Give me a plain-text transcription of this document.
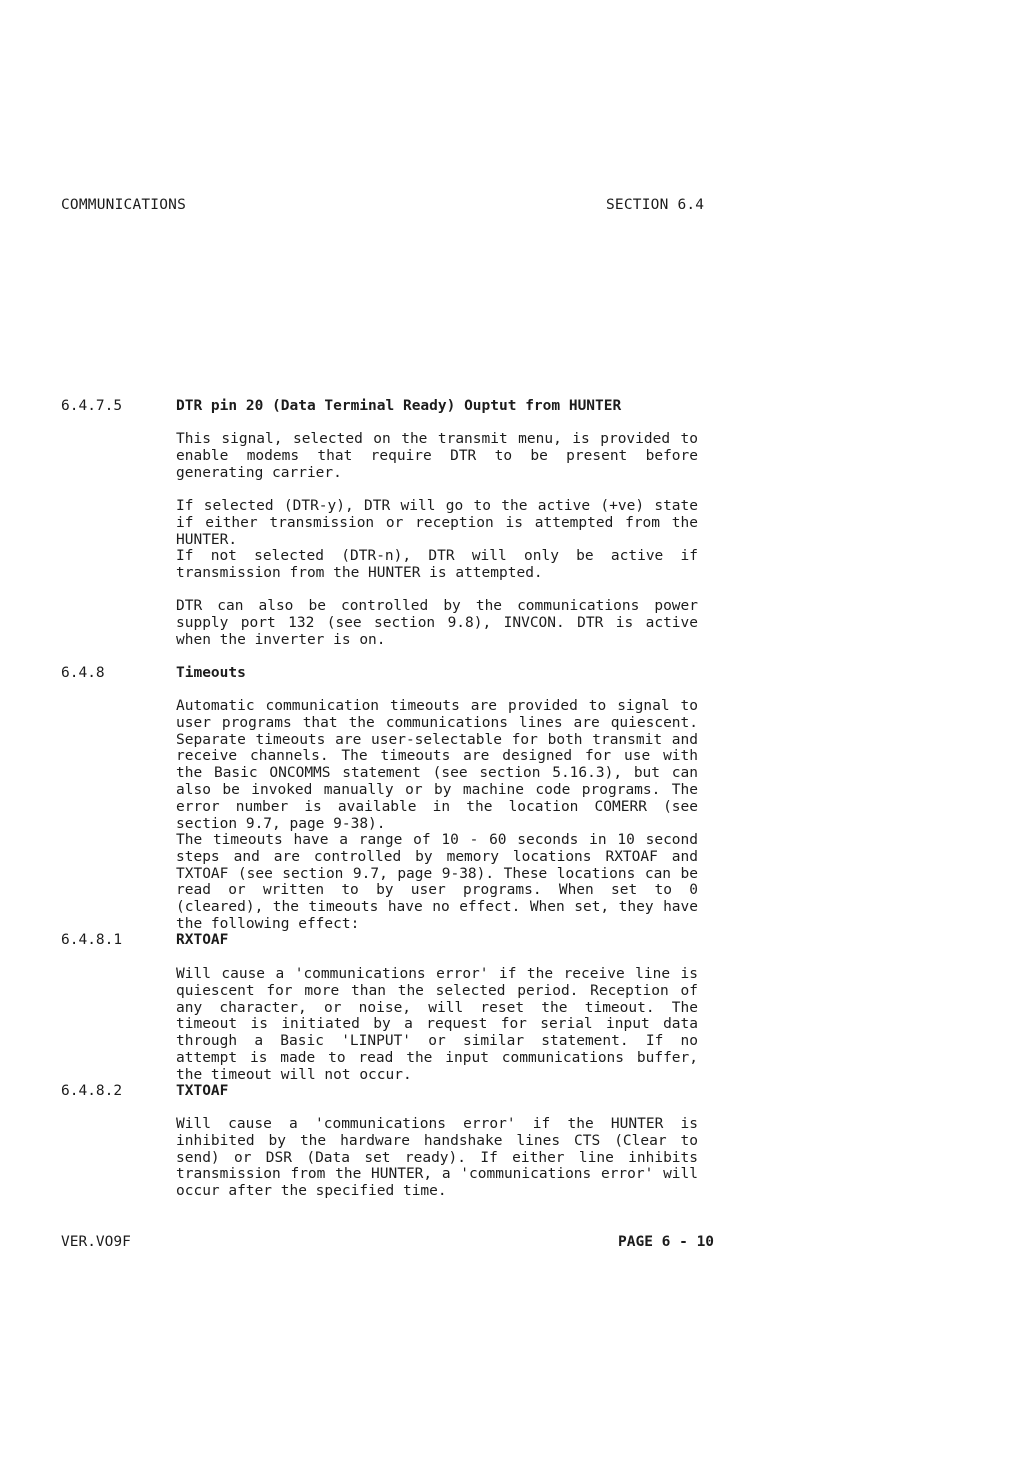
COMMUNICATIONS	SECTION 6.4
6.4.7.5	DTR pin 20 (Data Terminal Ready) Ouptut from HUNTER

This signal, selected on the transmit menu, is provided to enable modems that require DTR to be present before generating carrier.

If selected (DTR-y), DTR will go to the active (+ve) state if either transmission or reception is attempted from the HUNTER.

If not selected (DTR-n), DTR will only be active if transmission from the HUNTER is attempted.

DTR can also be controlled by the communications power supply port 132 (see section 9.8), INVCON. DTR is active when the inverter is on.

6.4.8	Timeouts

Automatic communication timeouts are provided to signal to user programs that the communications lines are quiescent. Separate timeouts are user-selectable for both transmit and receive channels. The timeouts are designed for use with the Basic ONCOMMS statement (see section 5.16.3), but can also be invoked manually or by machine code programs. The error number is available in the location COMERR (see section 9.7, page 9-38).

The timeouts have a range of 10 - 60 seconds in 10 second steps and are controlled by memory locations RXTOAF and TXTOAF (see section 9.7, page 9-38). These locations can be read or written to by user programs. When set to 0 (cleared), the timeouts have no effect. When set, they have the following effect:

6.4.8.1	RXTOAF

Will cause a 'communications error' if the receive line is quiescent for more than the selected period. Reception of any character, or noise, will reset the timeout. The timeout is initiated by a request for serial input data through a Basic 'LINPUT' or similar statement. If no attempt is made to read the input communications buffer, the timeout will not occur.

6.4.8.2	TXTOAF

Will cause a 'communications error' if the HUNTER is inhibited by the hardware handshake lines CTS (Clear to send) or DSR (Data set ready). If either line inhibits transmission from the HUNTER, a 'communications error' will occur after the specified time.

VER.VO9F	PAGE 6 - 10
